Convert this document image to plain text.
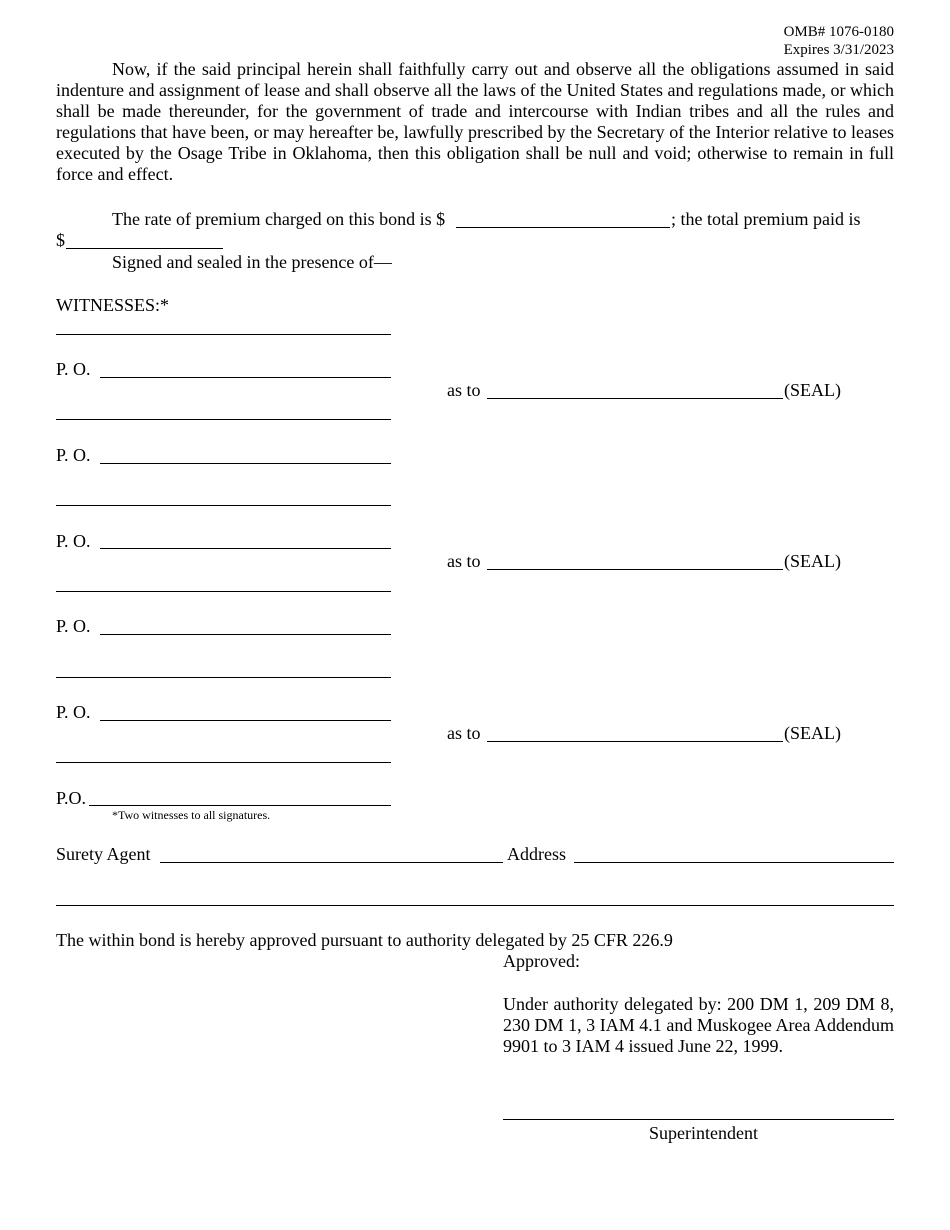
OMB# 1076-0180
Expires 3/31/2023
Now, if the said principal herein shall faithfully carry out and observe all the obligations assumed in said indenture and assignment of lease and shall observe all the laws of the United States and regulations made, or which shall be made thereunder, for the government of trade and intercourse with Indian tribes and all the rules and regulations that have been, or may hereafter be, lawfully prescribed by the Secretary of the Interior relative to leases executed by the Osage Tribe in Oklahoma, then this obligation shall be null and void; otherwise to remain in full force and effect.
The rate of premium charged on this bond is $	; the total premium paid is
$
Signed and sealed in the presence of—
WITNESSES:*
P. O.
P. O.
P. O.
P. O.
P. O.
P.O.
*Two witnesses to all signatures.
as to	(SEAL)
as to	(SEAL)
as to	(SEAL)
Surety Agent	Address
The within bond is hereby approved pursuant to authority delegated by 25 CFR 226.9
Approved:
Under authority delegated by: 200 DM 1, 209 DM 8, 230 DM 1, 3 IAM 4.1 and Muskogee Area Addendum 9901 to 3 IAM 4 issued June 22, 1999.
Superintendent
